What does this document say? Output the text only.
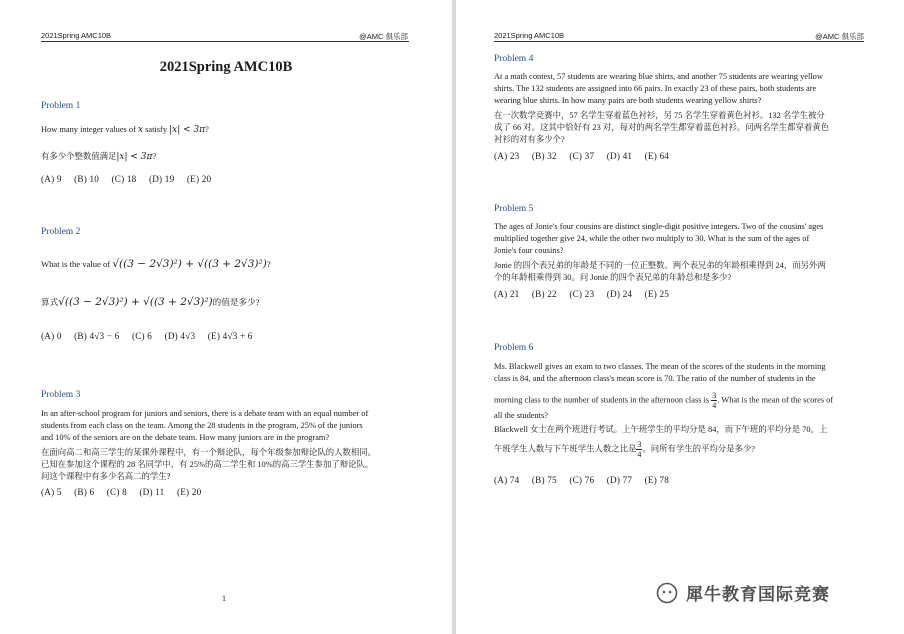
2021Spring AMC10B	@AMC 俱乐部
2021Spring AMC10B
Problem 1
How many integer values of x satisfy |x| < 3π?
有多少个整数值满足|x| < 3π?
(A) 9     (B) 10     (C) 18     (D) 19     (E) 20
Problem 2
What is the value of √((3 − 2√3)²) + √((3 + 2√3)²)?
算式√((3 − 2√3)²) + √((3 + 2√3)²)的值是多少?
(A) 0     (B) 4√3 − 6     (C) 6     (D) 4√3     (E) 4√3 + 6
Problem 3
In an after-school program for juniors and seniors, there is a debate team with an equal number of
students from each class on the team. Among the 28 students in the program, 25% of the juniors
and 10% of the seniors are on the debate team. How many juniors are in the program?
在面向高二和高三学生的某课外课程中，有一个辩论队，每个年级参加辩论队的人数相同。
已知在参加这个课程的 28 名同学中，有 25%的高二学生和 10%的高三学生参加了辩论队。
问这个课程中有多少名高二的学生?
(A) 5     (B) 6     (C) 8     (D) 11     (E) 20
1
2021Spring AMC10B	@AMC 俱乐部
Problem 4
At a math contest, 57 students are wearing blue shirts, and another 75 students are wearing yellow
shirts. The 132 students are assigned into 66 pairs. In exactly 23 of these pairs, both students are
wearing blue shirts. In how many pairs are both students wearing yellow shirts?
在一次数学竞赛中，57 名学生穿着蓝色衬衫，另 75 名学生穿着黄色衬衫。132 名学生被分
成了 66 对。这其中恰好有 23 对，每对的两名学生都穿着蓝色衬衫。问两名学生都穿着黄色
衬衫的对有多少个?
(A) 23     (B) 32     (C) 37     (D) 41     (E) 64
Problem 5
The ages of Jonie's four cousins are distinct single-digit positive integers. Two of the cousins' ages
multiplied together give 24, while the other two multiply to 30. What is the sum of the ages of
Jonie's four cousins?
Jonie 的四个表兄弟的年龄是不同的一位正整数。两个表兄弟的年龄相乘得到 24，而另外两
个的年龄相乘得到 30。问 Jonie 的四个表兄弟的年龄总和是多少?
(A) 21     (B) 22     (C) 23     (D) 24     (E) 25
Problem 6
Ms. Blackwell gives an exam to two classes. The mean of the scores of the students in the morning
class is 84, and the afternoon class's mean score is 70. The ratio of the number of students in the
morning class to the number of students in the afternoon class is $\frac{3}{4}$ . What is the mean of the scores of
all the students?
Blackwell 女士在两个班进行考试。上午班学生的平均分是 84，而下午班的平均分是 70。上
午班学生人数与下午班学生人数之比是 $\frac{3}{4}$ 。问所有学生的平均分是多少?
(A) 74     (B) 75     (C) 76     (D) 77     (E) 78
犀牛教育国际竞赛
